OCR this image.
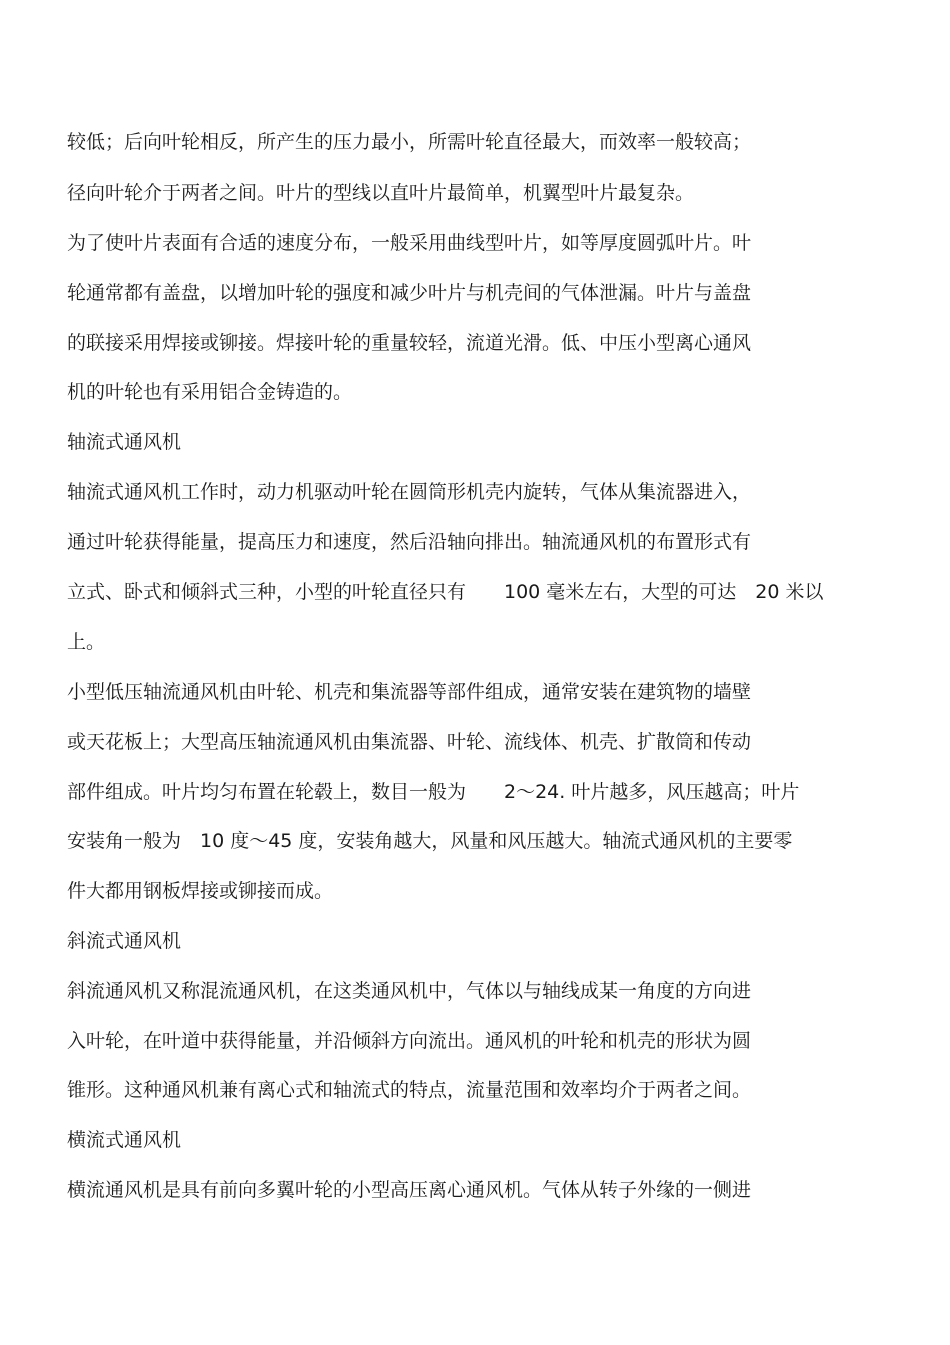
较低；后向叶轮相反，所产生的压力最小，所需叶轮直径最大，而效率一般较高；

径向叶轮介于两者之间。叶片的型线以直叶片最简单，机翼型叶片最复杂。

为了使叶片表面有合适的速度分布，一般采用曲线型叶片，如等厚度圆弧叶片。叶

轮通常都有盖盘，以增加叶轮的强度和减少叶片与机壳间的气体泄漏。叶片与盖盘

的联接采用焊接或铆接。焊接叶轮的重量较轻，流道光滑。低、中压小型离心通风

机的叶轮也有采用铝合金铸造的。

轴流式通风机

轴流式通风机工作时，动力机驱动叶轮在圆筒形机壳内旋转，气体从集流器进入，

通过叶轮获得能量，提高压力和速度，然后沿轴向排出。轴流通风机的布置形式有

立式、卧式和倾斜式三种，小型的叶轮直径只有　　100 毫米左右，大型的可达　20 米以

上。

小型低压轴流通风机由叶轮、机壳和集流器等部件组成，通常安装在建筑物的墙壁

或天花板上；大型高压轴流通风机由集流器、叶轮、流线体、机壳、扩散筒和传动

部件组成。叶片均匀布置在轮毂上，数目一般为　　2～24. 叶片越多，风压越高；叶片

安装角一般为　10 度～45 度，安装角越大，风量和风压越大。轴流式通风机的主要零

件大都用钢板焊接或铆接而成。

斜流式通风机

斜流通风机又称混流通风机，在这类通风机中，气体以与轴线成某一角度的方向进

入叶轮，在叶道中获得能量，并沿倾斜方向流出。通风机的叶轮和机壳的形状为圆

锥形。这种通风机兼有离心式和轴流式的特点，流量范围和效率均介于两者之间。

横流式通风机

横流通风机是具有前向多翼叶轮的小型高压离心通风机。气体从转子外缘的一侧进
